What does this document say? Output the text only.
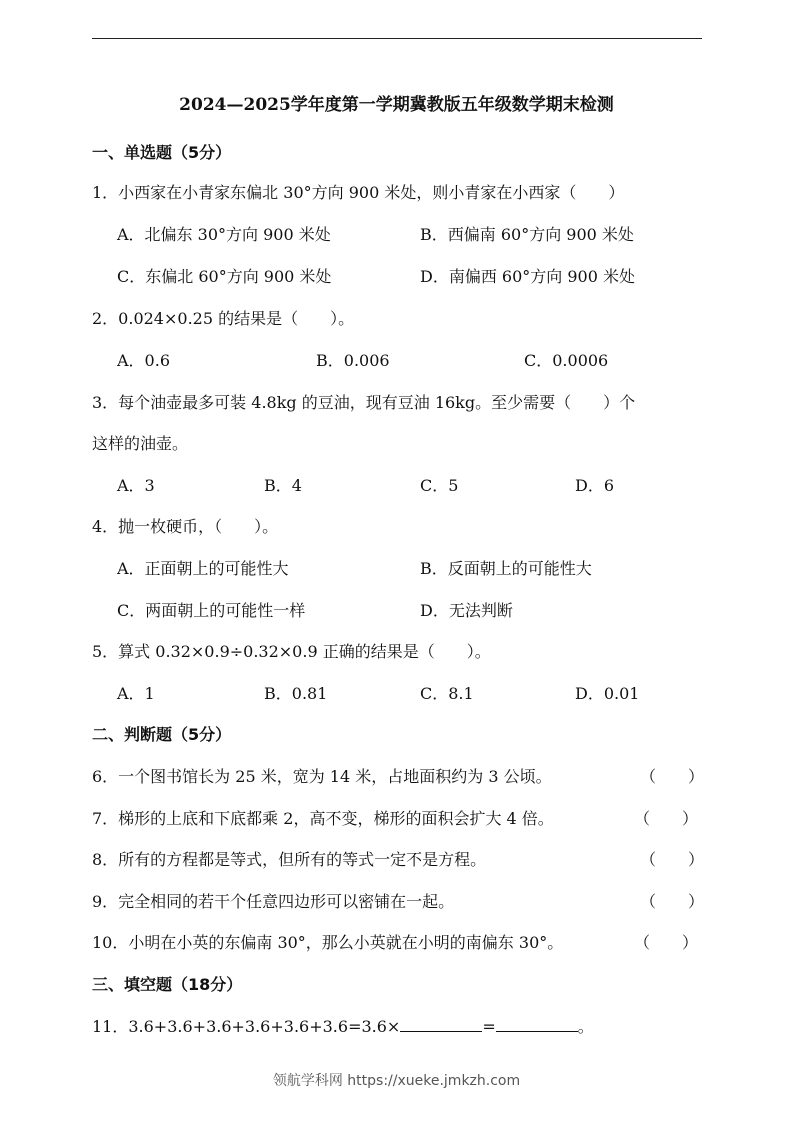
2024—2025学年度第一学期冀教版五年级数学期末检测
一、单选题（5分）
1．小西家在小青家东偏北 30°方向 900 米处，则小青家在小西家（　　）
A．北偏东 30°方向 900 米处	B．西偏南 60°方向 900 米处
C．东偏北 60°方向 900 米处	D．南偏西 60°方向 900 米处
2．0.024×0.25 的结果是（　　）。
A．0.6	B．0.006	C．0.0006
3．每个油壶最多可装 4.8kg 的豆油，现有豆油 16kg。至少需要（　　）个
这样的油壶。
A．3	B．4	C．5	D．6
4．抛一枚硬币，（　　）。
A．正面朝上的可能性大	B．反面朝上的可能性大
C．两面朝上的可能性一样	D．无法判断
5．算式 0.32×0.9÷0.32×0.9 正确的结果是（　　）。
A．1	B．0.81	C．8.1	D．0.01
二、判断题（5分）
6．一个图书馆长为 25 米，宽为 14 米，占地面积约为 3 公顷。	（　　）
7．梯形的上底和下底都乘 2，高不变，梯形的面积会扩大 4 倍。	（　　）
8．所有的方程都是等式，但所有的等式一定不是方程。	（　　）
9．完全相同的若干个任意四边形可以密铺在一起。	（　　）
10．小明在小英的东偏南 30°，那么小英就在小明的南偏东 30°。	（　　）
三、填空题（18分）
11．3.6+3.6+3.6+3.6+3.6+3.6=3.6×	=	。
领航学科网 https://xueke.jmkzh.com
